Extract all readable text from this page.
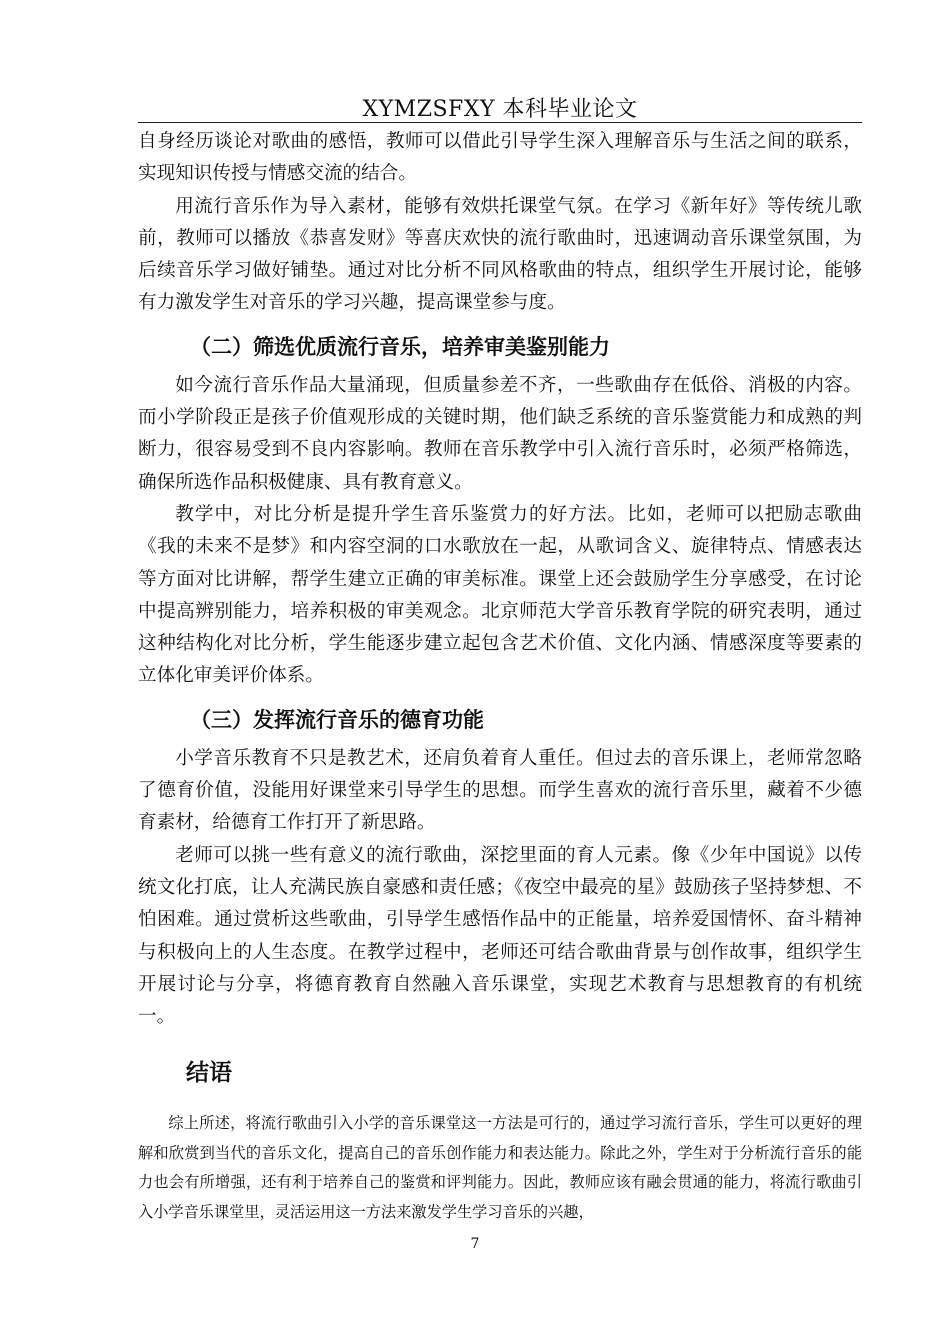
XYMZSFXY 本科毕业论文

自身经历谈论对歌曲的感悟，教师可以借此引导学生深入理解音乐与生活之间的联系，实现知识传授与情感交流的结合。

用流行音乐作为导入素材，能够有效烘托课堂气氛。在学习《新年好》等传统儿歌前，教师可以播放《恭喜发财》等喜庆欢快的流行歌曲时，迅速调动音乐课堂氛围，为后续音乐学习做好铺垫。通过对比分析不同风格歌曲的特点，组织学生开展讨论，能够有力激发学生对音乐的学习兴趣，提高课堂参与度。

（二）筛选优质流行音乐，培养审美鉴别能力

如今流行音乐作品大量涌现，但质量参差不齐，一些歌曲存在低俗、消极的内容。而小学阶段正是孩子价值观形成的关键时期，他们缺乏系统的音乐鉴赏能力和成熟的判断力，很容易受到不良内容影响。教师在音乐教学中引入流行音乐时，必须严格筛选，确保所选作品积极健康、具有教育意义。

教学中，对比分析是提升学生音乐鉴赏力的好方法。比如，老师可以把励志歌曲《我的未来不是梦》和内容空洞的口水歌放在一起，从歌词含义、旋律特点、情感表达等方面对比讲解，帮学生建立正确的审美标准。课堂上还会鼓励学生分享感受，在讨论中提高辨别能力，培养积极的审美观念。北京师范大学音乐教育学院的研究表明，通过这种结构化对比分析，学生能逐步建立起包含艺术价值、文化内涵、情感深度等要素的立体化审美评价体系。

（三）发挥流行音乐的德育功能

小学音乐教育不只是教艺术，还肩负着育人重任。但过去的音乐课上，老师常忽略了德育价值，没能用好课堂来引导学生的思想。而学生喜欢的流行音乐里，藏着不少德育素材，给德育工作打开了新思路。

老师可以挑一些有意义的流行歌曲，深挖里面的育人元素。像《少年中国说》以传统文化打底，让人充满民族自豪感和责任感；《夜空中最亮的星》鼓励孩子坚持梦想、不怕困难。通过赏析这些歌曲，引导学生感悟作品中的正能量，培养爱国情怀、奋斗精神与积极向上的人生态度。在教学过程中，老师还可结合歌曲背景与创作故事，组织学生开展讨论与分享，将德育教育自然融入音乐课堂，实现艺术教育与思想教育的有机统一。

结语

综上所述，将流行歌曲引入小学的音乐课堂这一方法是可行的，通过学习流行音乐，学生可以更好的理解和欣赏到当代的音乐文化，提高自己的音乐创作能力和表达能力。除此之外，学生对于分析流行音乐的能力也会有所增强，还有利于培养自己的鉴赏和评判能力。因此，教师应该有融会贯通的能力，将流行歌曲引入小学音乐课堂里，灵活运用这一方法来激发学生学习音乐的兴趣，

7
